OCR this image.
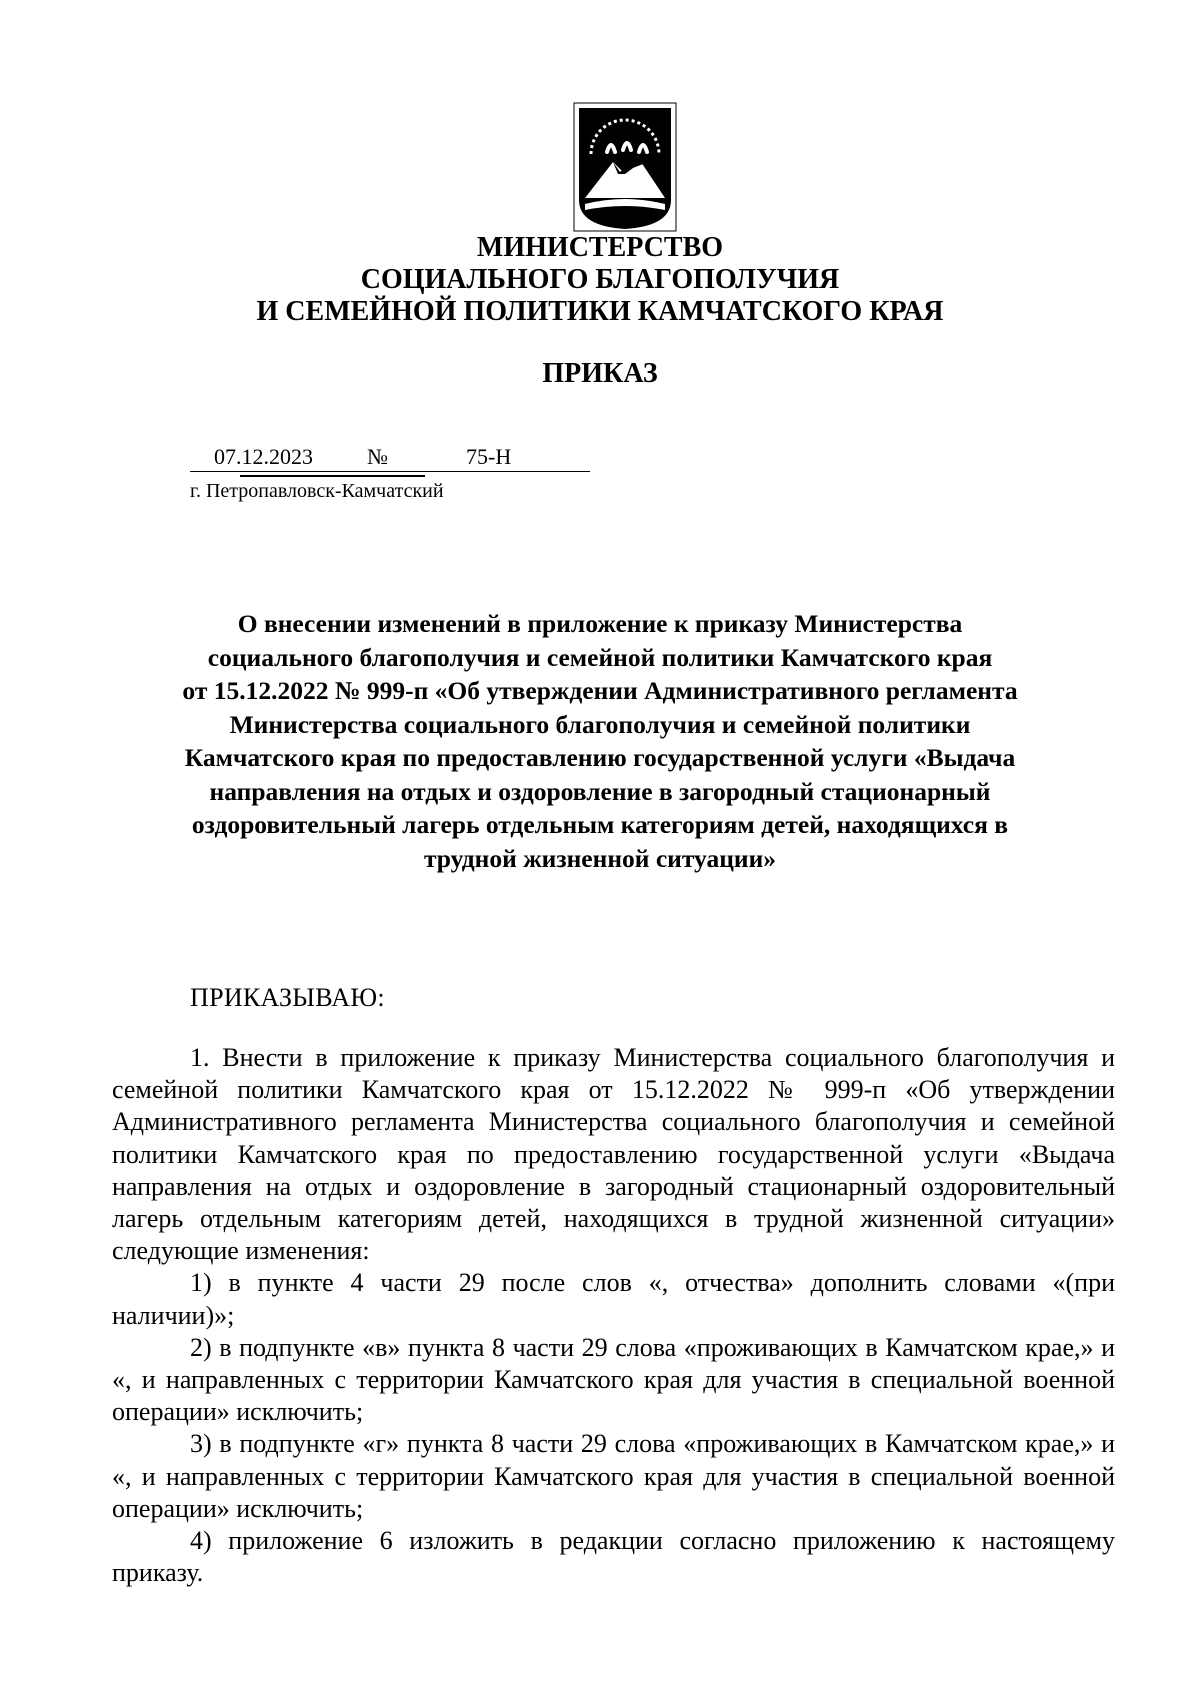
МИНИСТЕРСТВО
СОЦИАЛЬНОГО БЛАГОПОЛУЧИЯ
И СЕМЕЙНОЙ ПОЛИТИКИ КАМЧАТСКОГО КРАЯ
ПРИКАЗ
07.12.2023 №	75-Н
г. Петропавловск-Камчатский
О внесении изменений в приложение к приказу Министерства
социального благополучия и семейной политики Камчатского края
от 15.12.2022 № 999-п «Об утверждении Административного регламента
Министерства социального благополучия и семейной политики
Камчатского края по предоставлению государственной услуги «Выдача
направления на отдых и оздоровление в загородный стационарный
оздоровительный лагерь отдельным категориям детей, находящихся в
трудной жизненной ситуации»
ПРИКАЗЫВАЮ:

1. Внести в приложение к приказу Министерства социального благополучия и семейной политики Камчатского края от 15.12.2022 № 999-п «Об утверждении Административного регламента Министерства социального благополучия и семейной политики Камчатского края по предоставлению государственной услуги «Выдача направления на отдых и оздоровление в загородный стационарный оздоровительный лагерь отдельным категориям детей, находящихся в трудной жизненной ситуации» следующие изменения:

1) в пункте 4 части 29 после слов «, отчества» дополнить словами «(при наличии)»;

2) в подпункте «в» пункта 8 части 29 слова «проживающих в Камчатском крае,» и «, и направленных с территории Камчатского края для участия в специальной военной операции» исключить;

3) в подпункте «г» пункта 8 части 29 слова «проживающих в Камчатском крае,» и «, и направленных с территории Камчатского края для участия в специальной военной операции» исключить;

4) приложение 6 изложить в редакции согласно приложению к настоящему приказу.
